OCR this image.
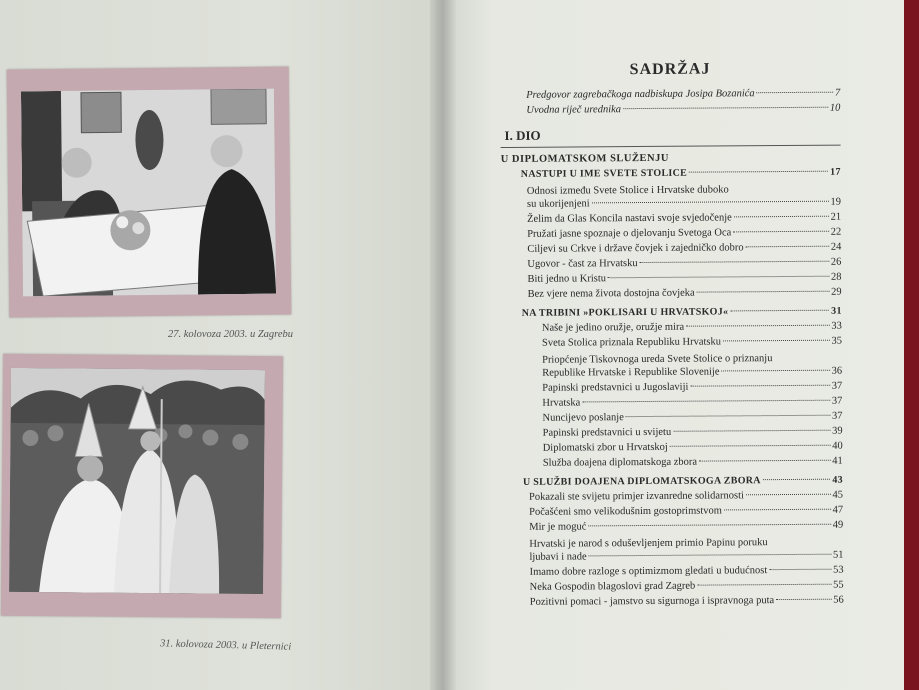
27. kolovoza 2003. u Zagrebu
31. kolovoza 2003. u Pleternici
SADRŽAJ
Predgovor zagrebačkoga nadbiskupa Josipa Bozanića	7
Uvodna riječ urednika	10
I. DIO
U DIPLOMATSKOM SLUŽENJU
NASTUPI U IME SVETE STOLICE	17
Odnosi između Svete Stolice i Hrvatske duboko
su ukorijenjeni	19
Želim da Glas Koncila nastavi svoje svjedočenje	21
Pružati jasne spoznaje o djelovanju Svetoga Oca	22
Ciljevi su Crkve i države čovjek i zajedničko dobro	24
Ugovor - čast za Hrvatsku	26
Biti jedno u Kristu	28
Bez vjere nema života dostojna čovjeka	29
NA TRIBINI »POKLISARI U HRVATSKOJ«	31
Naše je jedino oružje, oružje mira	33
Sveta Stolica priznala Republiku Hrvatsku	35
Priopćenje Tiskovnoga ureda Svete Stolice o priznanju
Republike Hrvatske i Republike Slovenije	36
Papinski predstavnici u Jugoslaviji	37
Hrvatska	37
Nuncijevo poslanje	37
Papinski predstavnici u svijetu	39
Diplomatski zbor u Hrvatskoj	40
Služba doajena diplomatskoga zbora	41
U SLUŽBI DOAJENA DIPLOMATSKOGA ZBORA	43
Pokazali ste svijetu primjer izvanredne solidarnosti	45
Počašćeni smo velikodušnim gostoprimstvom	47
Mir je moguć	49
Hrvatski je narod s oduševljenjem primio Papinu poruku
ljubavi i nade	51
Imamo dobre razloge s optimizmom gledati u budućnost	53
Neka Gospodin blagoslovi grad Zagreb	55
Pozitivni pomaci - jamstvo su sigurnoga i ispravnoga puta	56
